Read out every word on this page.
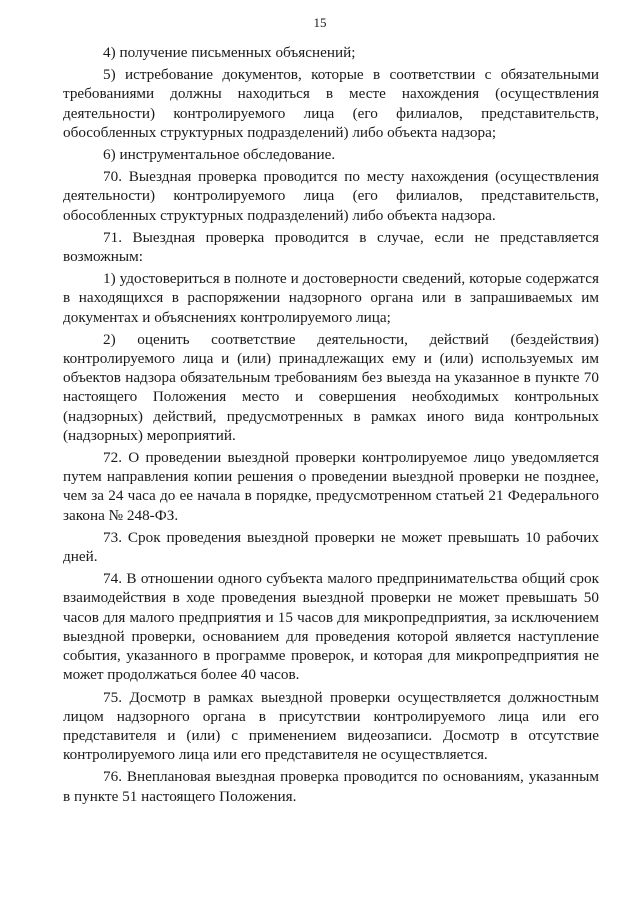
15

4) получение письменных объяснений;

5) истребование документов, которые в соответствии с обязательными требованиями должны находиться в месте нахождения (осуществления деятельности) контролируемого лица (его филиалов, представительств, обособленных структурных подразделений) либо объекта надзора;

6) инструментальное обследование.

70. Выездная проверка проводится по месту нахождения (осуществления деятельности) контролируемого лица (его филиалов, представительств, обособленных структурных подразделений) либо объекта надзора.

71. Выездная проверка проводится в случае, если не представляется возможным:

1) удостовериться в полноте и достоверности сведений, которые содержатся в находящихся в распоряжении надзорного органа или в запрашиваемых им документах и объяснениях контролируемого лица;

2) оценить соответствие деятельности, действий (бездействия) контролируемого лица и (или) принадлежащих ему и (или) используемых им объектов надзора обязательным требованиям без выезда на указанное в пункте 70 настоящего Положения место и совершения необходимых контрольных (надзорных) действий, предусмотренных в рамках иного вида контрольных (надзорных) мероприятий.

72. О проведении выездной проверки контролируемое лицо уведомляется путем направления копии решения о проведении выездной проверки не позднее, чем за 24 часа до ее начала в порядке, предусмотренном статьей 21 Федерального закона № 248-ФЗ.

73. Срок проведения выездной проверки не может превышать 10 рабочих дней.

74. В отношении одного субъекта малого предпринимательства общий срок взаимодействия в ходе проведения выездной проверки не может превышать 50 часов для малого предприятия и 15 часов для микропредприятия, за исключением выездной проверки, основанием для проведения которой является наступление события, указанного в программе проверок, и которая для микропредприятия не может продолжаться более 40 часов.

75. Досмотр в рамках выездной проверки осуществляется должностным лицом надзорного органа в присутствии контролируемого лица или его представителя и (или) с применением видеозаписи. Досмотр в отсутствие контролируемого лица или его представителя не осуществляется.

76. Внеплановая выездная проверка проводится по основаниям, указанным в пункте 51 настоящего Положения.
